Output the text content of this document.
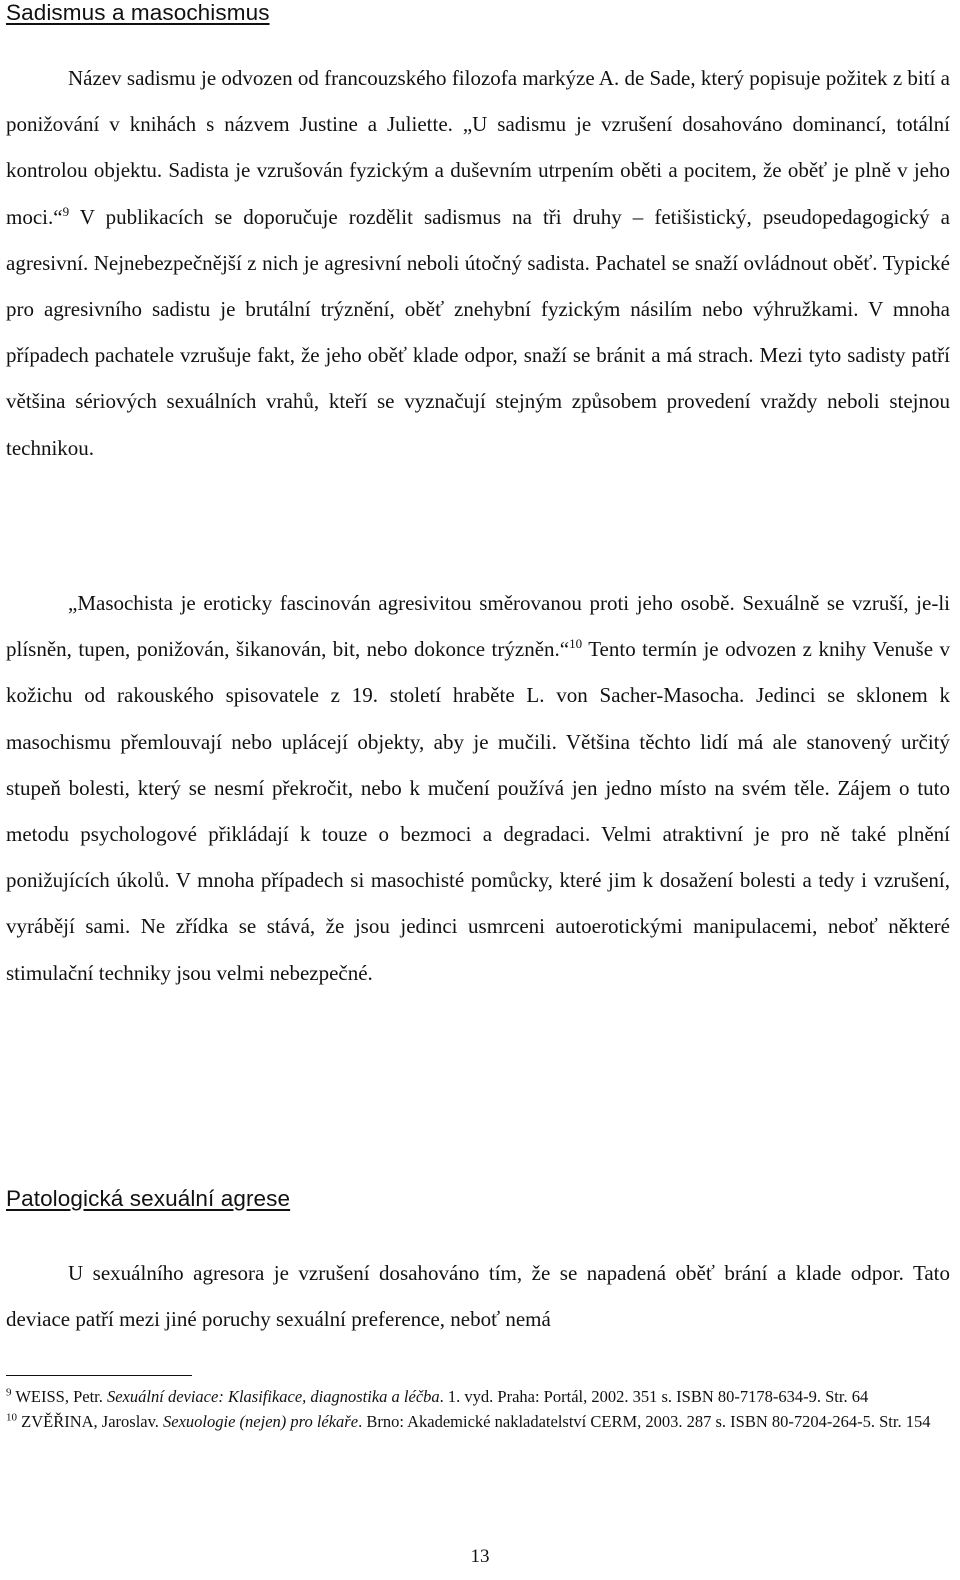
Sadismus a masochismus

Název sadismu je odvozen od francouzského filozofa markýze A. de Sade, který popisuje požitek z bití a ponižování v knihách s názvem Justine a Juliette. „U sadismu je vzrušení dosahováno dominancí, totální kontrolou objektu. Sadista je vzrušován fyzickým a duševním utrpením oběti a pocitem, že oběť je plně v jeho moci.“$^9$ V publikacích se doporučuje rozdělit sadismus na tři druhy – fetišistický, pseudopedagogický a agresivní. Nejnebezpečnější z nich je agresivní neboli útočný sadista. Pachatel se snaží ovládnout oběť. Typické pro agresivního sadistu je brutální trýznění, oběť znehybní fyzickým násilím nebo výhružkami. V mnoha případech pachatele vzrušuje fakt, že jeho oběť klade odpor, snaží se bránit a má strach. Mezi tyto sadisty patří většina sériových sexuálních vrahů, kteří se vyznačují stejným způsobem provedení vraždy neboli stejnou technikou.

„Masochista je eroticky fascinován agresivitou směrovanou proti jeho osobě. Sexuálně se vzruší, je-li plísněn, tupen, ponižován, šikanován, bit, nebo dokonce trýzněn.“$^{10}$ Tento termín je odvozen z knihy Venuše v kožichu od rakouského spisovatele z 19. století hraběte L. von Sacher-Masocha. Jedinci se sklonem k masochismu přemlouvají nebo uplácejí objekty, aby je mučili. Většina těchto lidí má ale stanovený určitý stupeň bolesti, který se nesmí překročit, nebo k mučení používá jen jedno místo na svém těle. Zájem o tuto metodu psychologové přikládají k touze o bezmoci a degradaci. Velmi atraktivní je pro ně také plnění ponižujících úkolů. V mnoha případech si masochisté pomůcky, které jim k dosažení bolesti a tedy i vzrušení, vyrábějí sami. Ne zřídka se stává, že jsou jedinci usmrceni autoerotickými manipulacemi, neboť některé stimulační techniky jsou velmi nebezpečné.

Patologická sexuální agrese

U sexuálního agresora je vzrušení dosahováno tím, že se napadená oběť brání a klade odpor. Tato deviace patří mezi jiné poruchy sexuální preference, neboť nemá

$^9$ WEISS, Petr. Sexuální deviace: Klasifikace, diagnostika a léčba. 1. vyd. Praha: Portál, 2002. 351 s. ISBN 80-7178-634-9. Str. 64

$^{10}$ ZVĚŘINA, Jaroslav. Sexuologie (nejen) pro lékaře. Brno: Akademické nakladatelství CERM, 2003. 287 s. ISBN 80-7204-264-5. Str. 154

13
